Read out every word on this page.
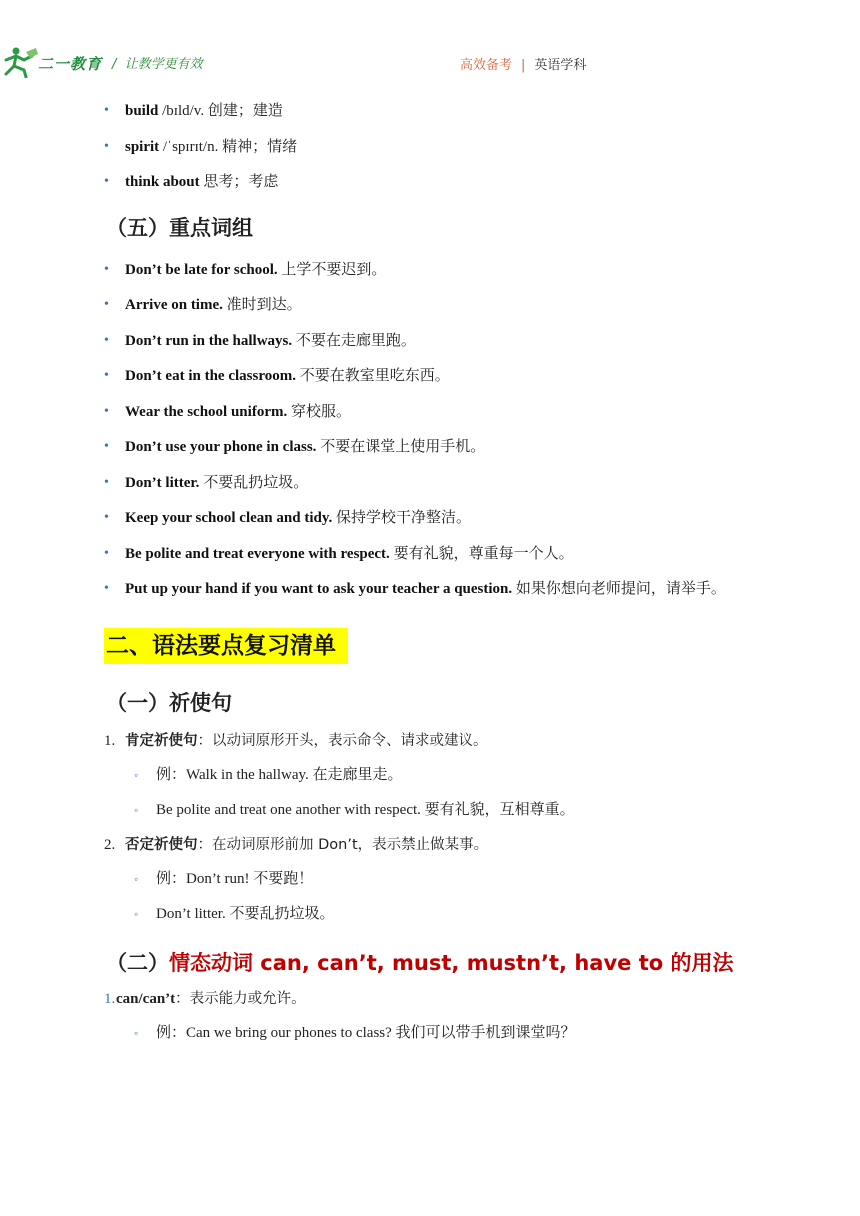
二一教育 /  让教学更有效	高效备考 | 英语学科
• build /bɪld/v. 创建；建造
• spirit /ˈspɪrɪt/n. 精神；情绪
• think about 思考；考虑
（五）重点词组
• Don’t be late for school. 上学不要迟到。
• Arrive on time. 准时到达。
• Don’t run in the hallways. 不要在走廊里跑。
• Don’t eat in the classroom. 不要在教室里吃东西。
• Wear the school uniform. 穿校服。
• Don’t use your phone in class. 不要在课堂上使用手机。
• Don’t litter. 不要乱扔垃圾。
• Keep your school clean and tidy. 保持学校干净整洁。
• Be polite and treat everyone with respect. 要有礼貌，尊重每一个人。
• Put up your hand if you want to ask your teacher a question. 如果你想向老师提问，请举手。
二、语法要点复习清单
（一）祈使句
1. 肯定祈使句：以动词原形开头，表示命令、请求或建议。
◦ 例：Walk in the hallway. 在走廊里走。
◦ Be polite and treat one another with respect. 要有礼貌，互相尊重。
2. 否定祈使句：在动词原形前加 Don’t，表示禁止做某事。
◦ 例：Don’t run! 不要跑！
◦ Don’t litter. 不要乱扔垃圾。
（二）情态动词 can, can’t, must, mustn’t, have to 的用法
1. can/can’t：表示能力或允许。
◦ 例：Can we bring our phones to class? 我们可以带手机到课堂吗？
